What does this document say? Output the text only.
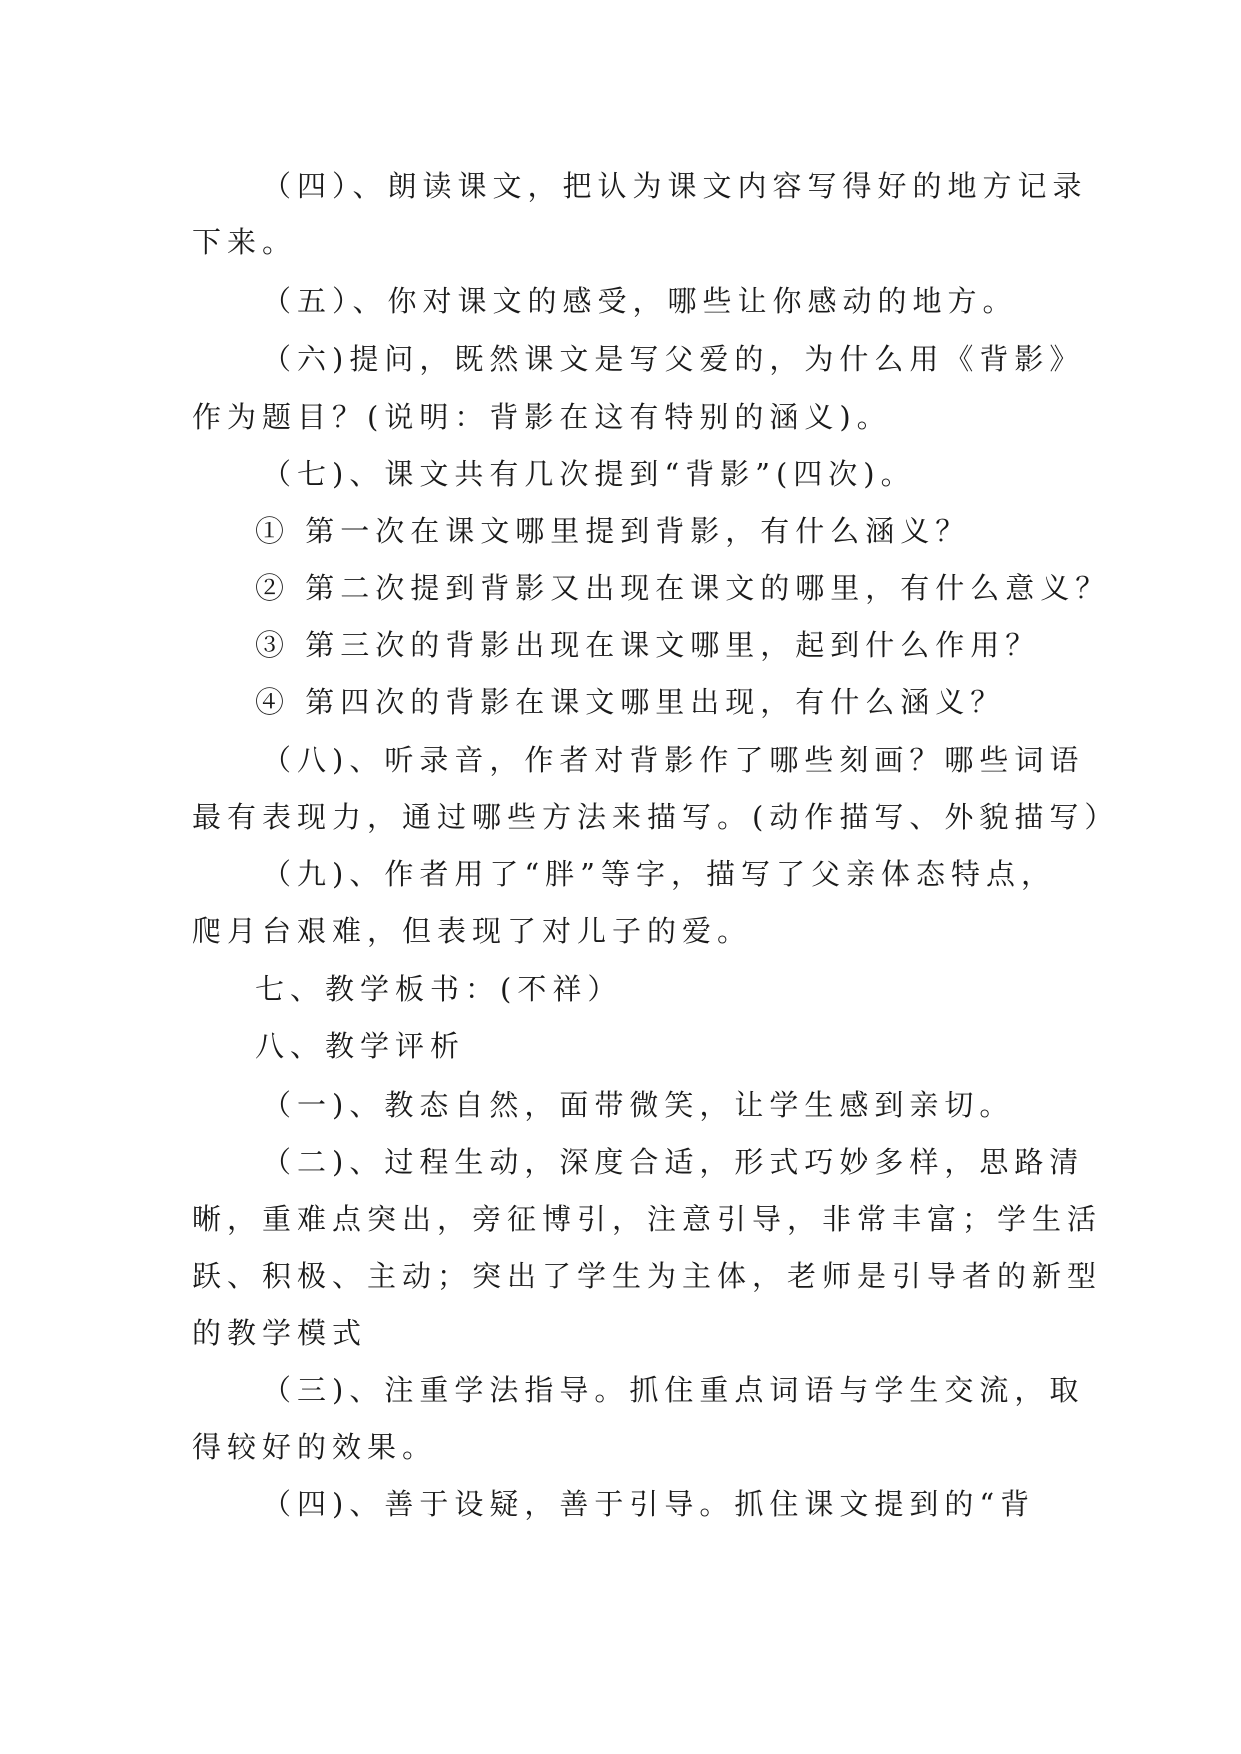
（四）、朗读课文，把认为课文内容写得好的地方记录
下来。
（五）、你对课文的感受，哪些让你感动的地方。
（六)提问，既然课文是写父爱的，为什么用《背影》
作为题目？(说明：背影在这有特别的涵义)。
（七)、课文共有几次提到“背影”(四次)。
① 第一次在课文哪里提到背影，有什么涵义？
② 第二次提到背影又出现在课文的哪里，有什么意义？
③ 第三次的背影出现在课文哪里，起到什么作用？
④ 第四次的背影在课文哪里出现，有什么涵义？
（八)、听录音，作者对背影作了哪些刻画？哪些词语
最有表现力，通过哪些方法来描写。(动作描写、外貌描写）
（九)、作者用了“胖”等字，描写了父亲体态特点，
爬月台艰难，但表现了对儿子的爱。
七、教学板书：(不祥）
八、教学评析
（一)、教态自然，面带微笑，让学生感到亲切。
（二)、过程生动，深度合适，形式巧妙多样，思路清
晰，重难点突出，旁征博引，注意引导，非常丰富；学生活
跃、积极、主动；突出了学生为主体，老师是引导者的新型
的教学模式
（三)、注重学法指导。抓住重点词语与学生交流，取
得较好的效果。
（四)、善于设疑，善于引导。抓住课文提到的“背
